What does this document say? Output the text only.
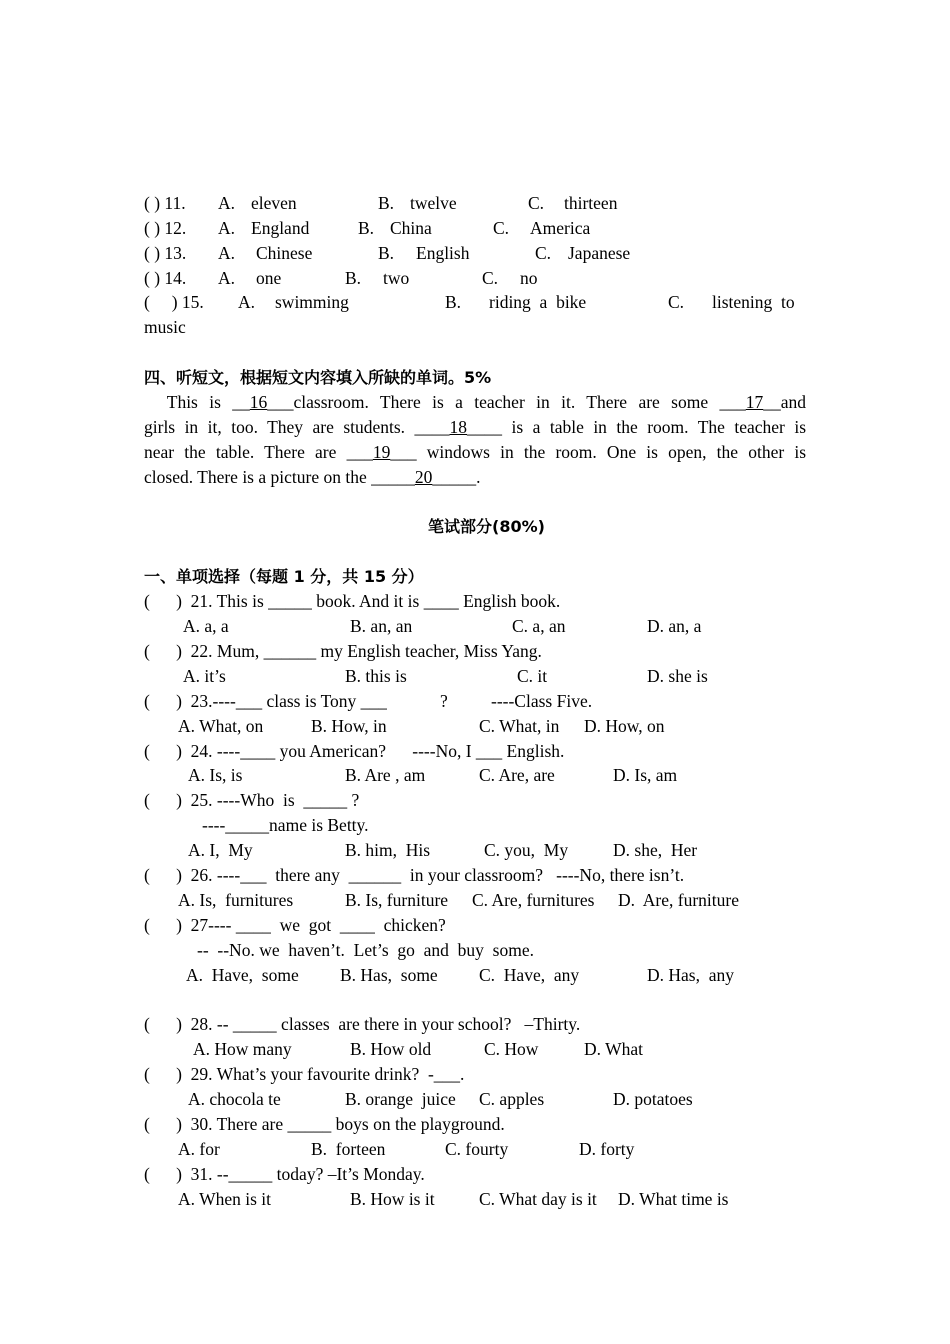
( ) 11. A. eleven	B. twelve	C. thirteen
( ) 12. A. England	B. China	C. America
( ) 13. A. Chinese	B. English	C. Japanese
( ) 14. A. one	B. two	C. no
(     ) 15. A. swimming	B. riding  a  bike	C. listening  to
music
四、听短文，根据短文内容填入所缺的单词。5%
This is __16___classroom. There is a teacher in it. There are some ___17__and
girls in it, too. They are students. ____18____ is a table in the room. The teacher is
near the table. There are ___19___ windows in the room. One is open, the other is
closed. There is a picture on the _____20_____.
笔试部分(80%)
一、单项选择（每题 1 分，共 15 分）
(      )  21. This is _____ book. And it is ____ English book.
A. a, a	B. an, an	C. a, an	D. an, a
(      )  22. Mum, ______ my English teacher, Miss Yang.
A. it’s	B. this is	C. it	D. she is
(      )  23.----___ class is Tony ___	? ----Class Five.
A. What, on	B. How, in	C. What, in D. How, on
(      )  24. ----____ you American?      ----No, I ___ English.
A. Is, is	B. Are , am	C. Are, are	D. Is, am
(      )  25. ----Who  is  _____ ?
----_____name is Betty.
A. I,  My	B. him,  His	C. you,  My	D. she,  Her
(      )  26. ----___  there any  ______  in your classroom?   ----No, there isn’t.
A. Is,  furnitures	B. Is, furniture C. Are, furnitures D.  Are, furniture
(      )  27---- ____  we  got  ____  chicken?
--  --No. we  haven’t.  Let’s  go  and  buy  some.
A.  Have,  some B. Has,  some C.  Have,  any	D. Has,  any
(      )  28. -- _____ classes  are there in your school?   –Thirty.
A. How many	B. How old	C. How	D. What
(      )  29. What’s your favourite drink?  -___.
A. chocola te	B. orange  juice C. apples	D. potatoes
(      )  30. There are _____ boys on the playground.
A. for	B.  forteen	C. fourty	D. forty
(      )  31. --_____ today? –It’s Monday.
A. When is it	B. How is it	C. What day is it D. What time is
